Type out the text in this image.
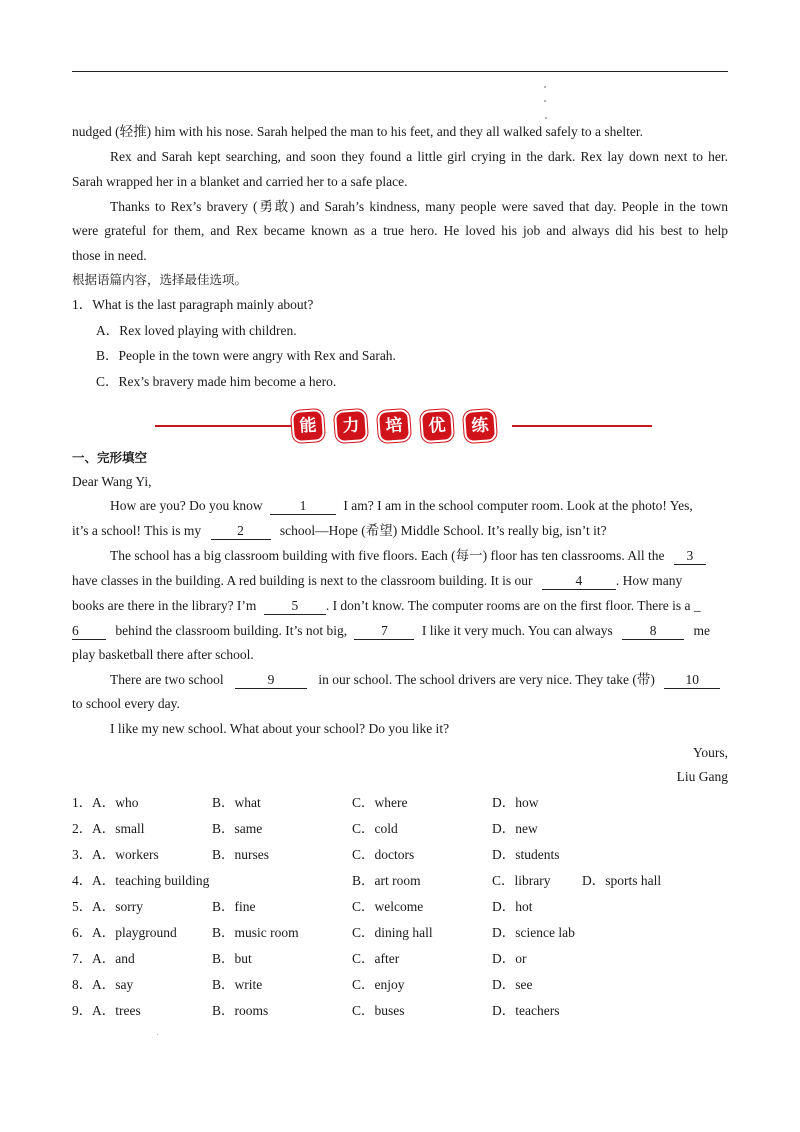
nudged (轻推) him with his nose. Sarah helped the man to his feet, and they all walked safely to a shelter.
Rex and Sarah kept searching, and soon they found a little girl crying in the dark. Rex lay down next to her.
Sarah wrapped her in a blanket and carried her to a safe place.
Thanks to Rex’s bravery (勇敢) and Sarah’s kindness, many people were saved that day. People in the town
were grateful for them, and Rex became known as a true hero. He loved his job and always did his best to help
those in need.
根据语篇内容，选择最佳选项。
1．What is the last paragraph mainly about?
A．Rex loved playing with children.
B．People in the town were angry with Rex and Sarah.
C．Rex’s bravery made him become a hero.
能	力	培	优	练
一、完形填空
Dear Wang Yi,
How are you? Do you know	1	I am? I am in the school computer room. Look at the photo! Yes,
it’s a school! This is my	2	school—Hope (希望) Middle School. It’s really big, isn’t it?
The school has a big classroom building with five floors. Each (每一) floor has ten classrooms. All the 3
have classes in the building. A red building is next to the classroom building. It is our	4 . How many
books are there in the library? I’m	5 . I don’t know. The computer rooms are on the first floor. There is a _
6	behind the classroom building. It’s not big,	7	I like it very much. You can always	8	me
play basketball there after school.
There are two school	9	in our school. The school drivers are very nice. They take (带) 10
to school every day.
I like my new school. What about your school? Do you like it?
Yours,
Liu Gang
1． A．who	B．what	C．where	D．how
2． A．small	B．same	C．cold	D．new
3． A．workers	B．nurses	C．doctors	D．students
4． A．teaching building	B．art room	C．library D．sports hall
5． A．sorry	B．fine	C．welcome	D．hot
6． A．playground	B．music room	C．dining hall	D．science lab
7． A．and	B．but	C．after	D．or
8． A．say	B．write	C．enjoy	D．see
9． A．trees	B．rooms	C．buses	D．teachers
